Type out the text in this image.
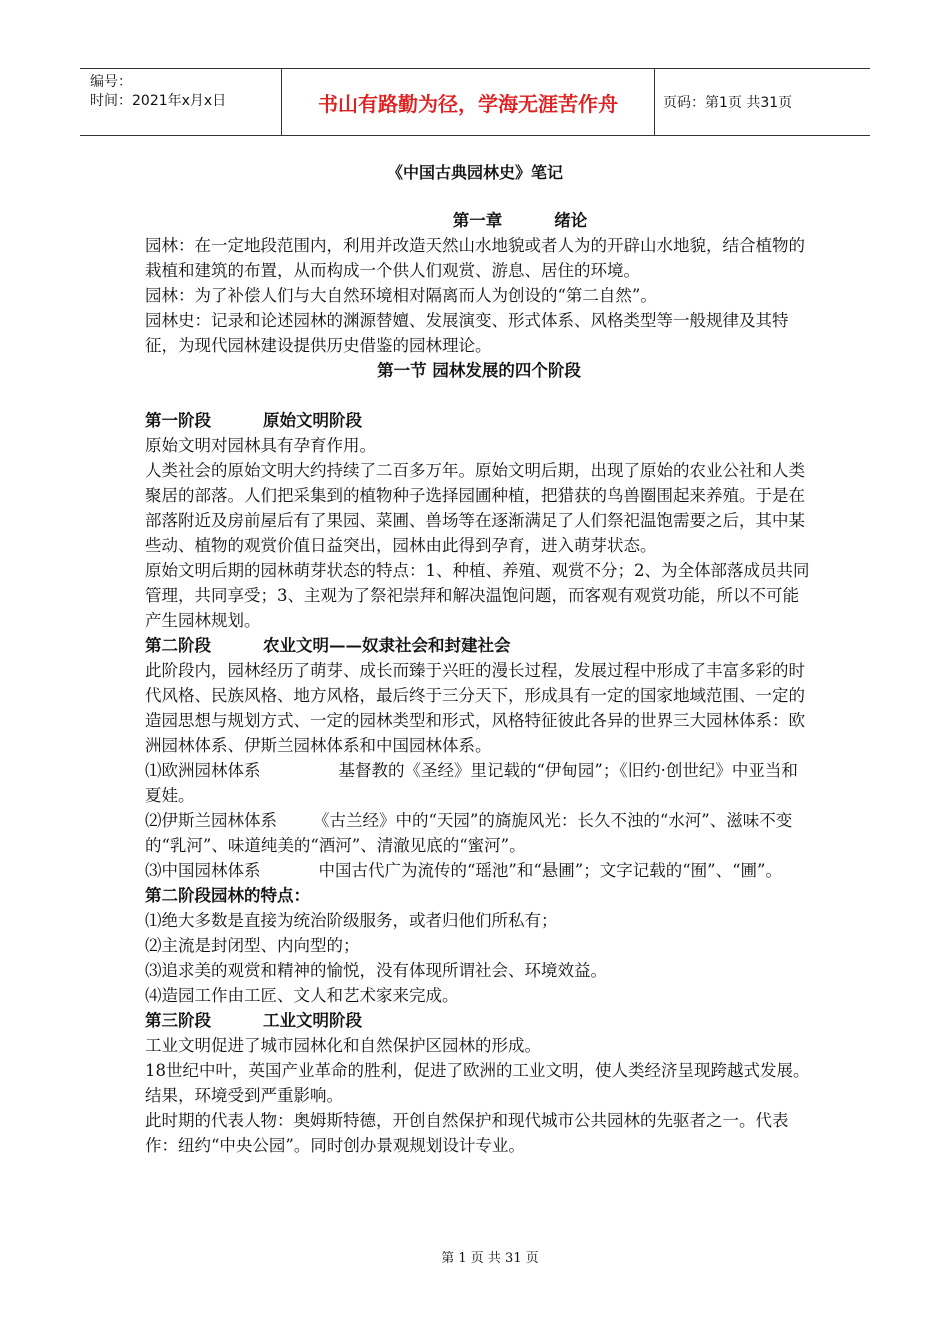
编号：
时间：2021年x月x日	书山有路勤为径，学海无涯苦作舟	页码：第1页 共31页
《中国古典园林史》笔记

第一章	绪论

园林：在一定地段范围内，利用并改造天然山水地貌或者人为的开辟山水地貌，结合植物的栽植和建筑的布置，从而构成一个供人们观赏、游息、居住的环境。

园林：为了补偿人们与大自然环境相对隔离而人为创设的“第二自然”。

园林史：记录和论述园林的渊源替嬗、发展演变、形式体系、风格类型等一般规律及其特征，为现代园林建设提供历史借鉴的园林理论。

第一节 园林发展的四个阶段

第一阶段	原始文明阶段

原始文明对园林具有孕育作用。

人类社会的原始文明大约持续了二百多万年。原始文明后期，出现了原始的农业公社和人类聚居的部落。人们把采集到的植物种子选择园圃种植，把猎获的鸟兽圈围起来养殖。于是在部落附近及房前屋后有了果园、菜圃、兽场等在逐渐满足了人们祭祀温饱需要之后，其中某些动、植物的观赏价值日益突出，园林由此得到孕育，进入萌芽状态。

原始文明后期的园林萌芽状态的特点：1、种植、养殖、观赏不分；2、为全体部落成员共同管理，共同享受；3、主观为了祭祀崇拜和解决温饱问题，而客观有观赏功能，所以不可能产生园林规划。

第二阶段	农业文明——奴隶社会和封建社会

此阶段内，园林经历了萌芽、成长而臻于兴旺的漫长过程，发展过程中形成了丰富多彩的时代风格、民族风格、地方风格，最后终于三分天下，形成具有一定的国家地域范围、一定的造园思想与规划方式、一定的园林类型和形式，风格特征彼此各异的世界三大园林体系：欧洲园林体系、伊斯兰园林体系和中国园林体系。

⑴欧洲园林体系	基督教的《圣经》里记载的“伊甸园”；《旧约·创世纪》中亚当和夏娃。

⑵伊斯兰园林体系 《古兰经》中的“天园”的旖旎风光：长久不浊的“水河”、滋味不变的“乳河”、味道纯美的“酒河”、清澈见底的“蜜河”。

⑶中国园林体系	中国古代广为流传的“瑶池”和“悬圃”；文字记载的“囿”、“圃”。

第二阶段园林的特点：

⑴绝大多数是直接为统治阶级服务，或者归他们所私有；

⑵主流是封闭型、内向型的；

⑶追求美的观赏和精神的愉悦，没有体现所谓社会、环境效益。

⑷造园工作由工匠、文人和艺术家来完成。

第三阶段	工业文明阶段

工业文明促进了城市园林化和自然保护区园林的形成。

18世纪中叶，英国产业革命的胜利，促进了欧洲的工业文明，使人类经济呈现跨越式发展。结果，环境受到严重影响。

此时期的代表人物：奥姆斯特德，开创自然保护和现代城市公共园林的先驱者之一。代表作：纽约“中央公园”。同时创办景观规划设计专业。

第 1 页 共 31 页
